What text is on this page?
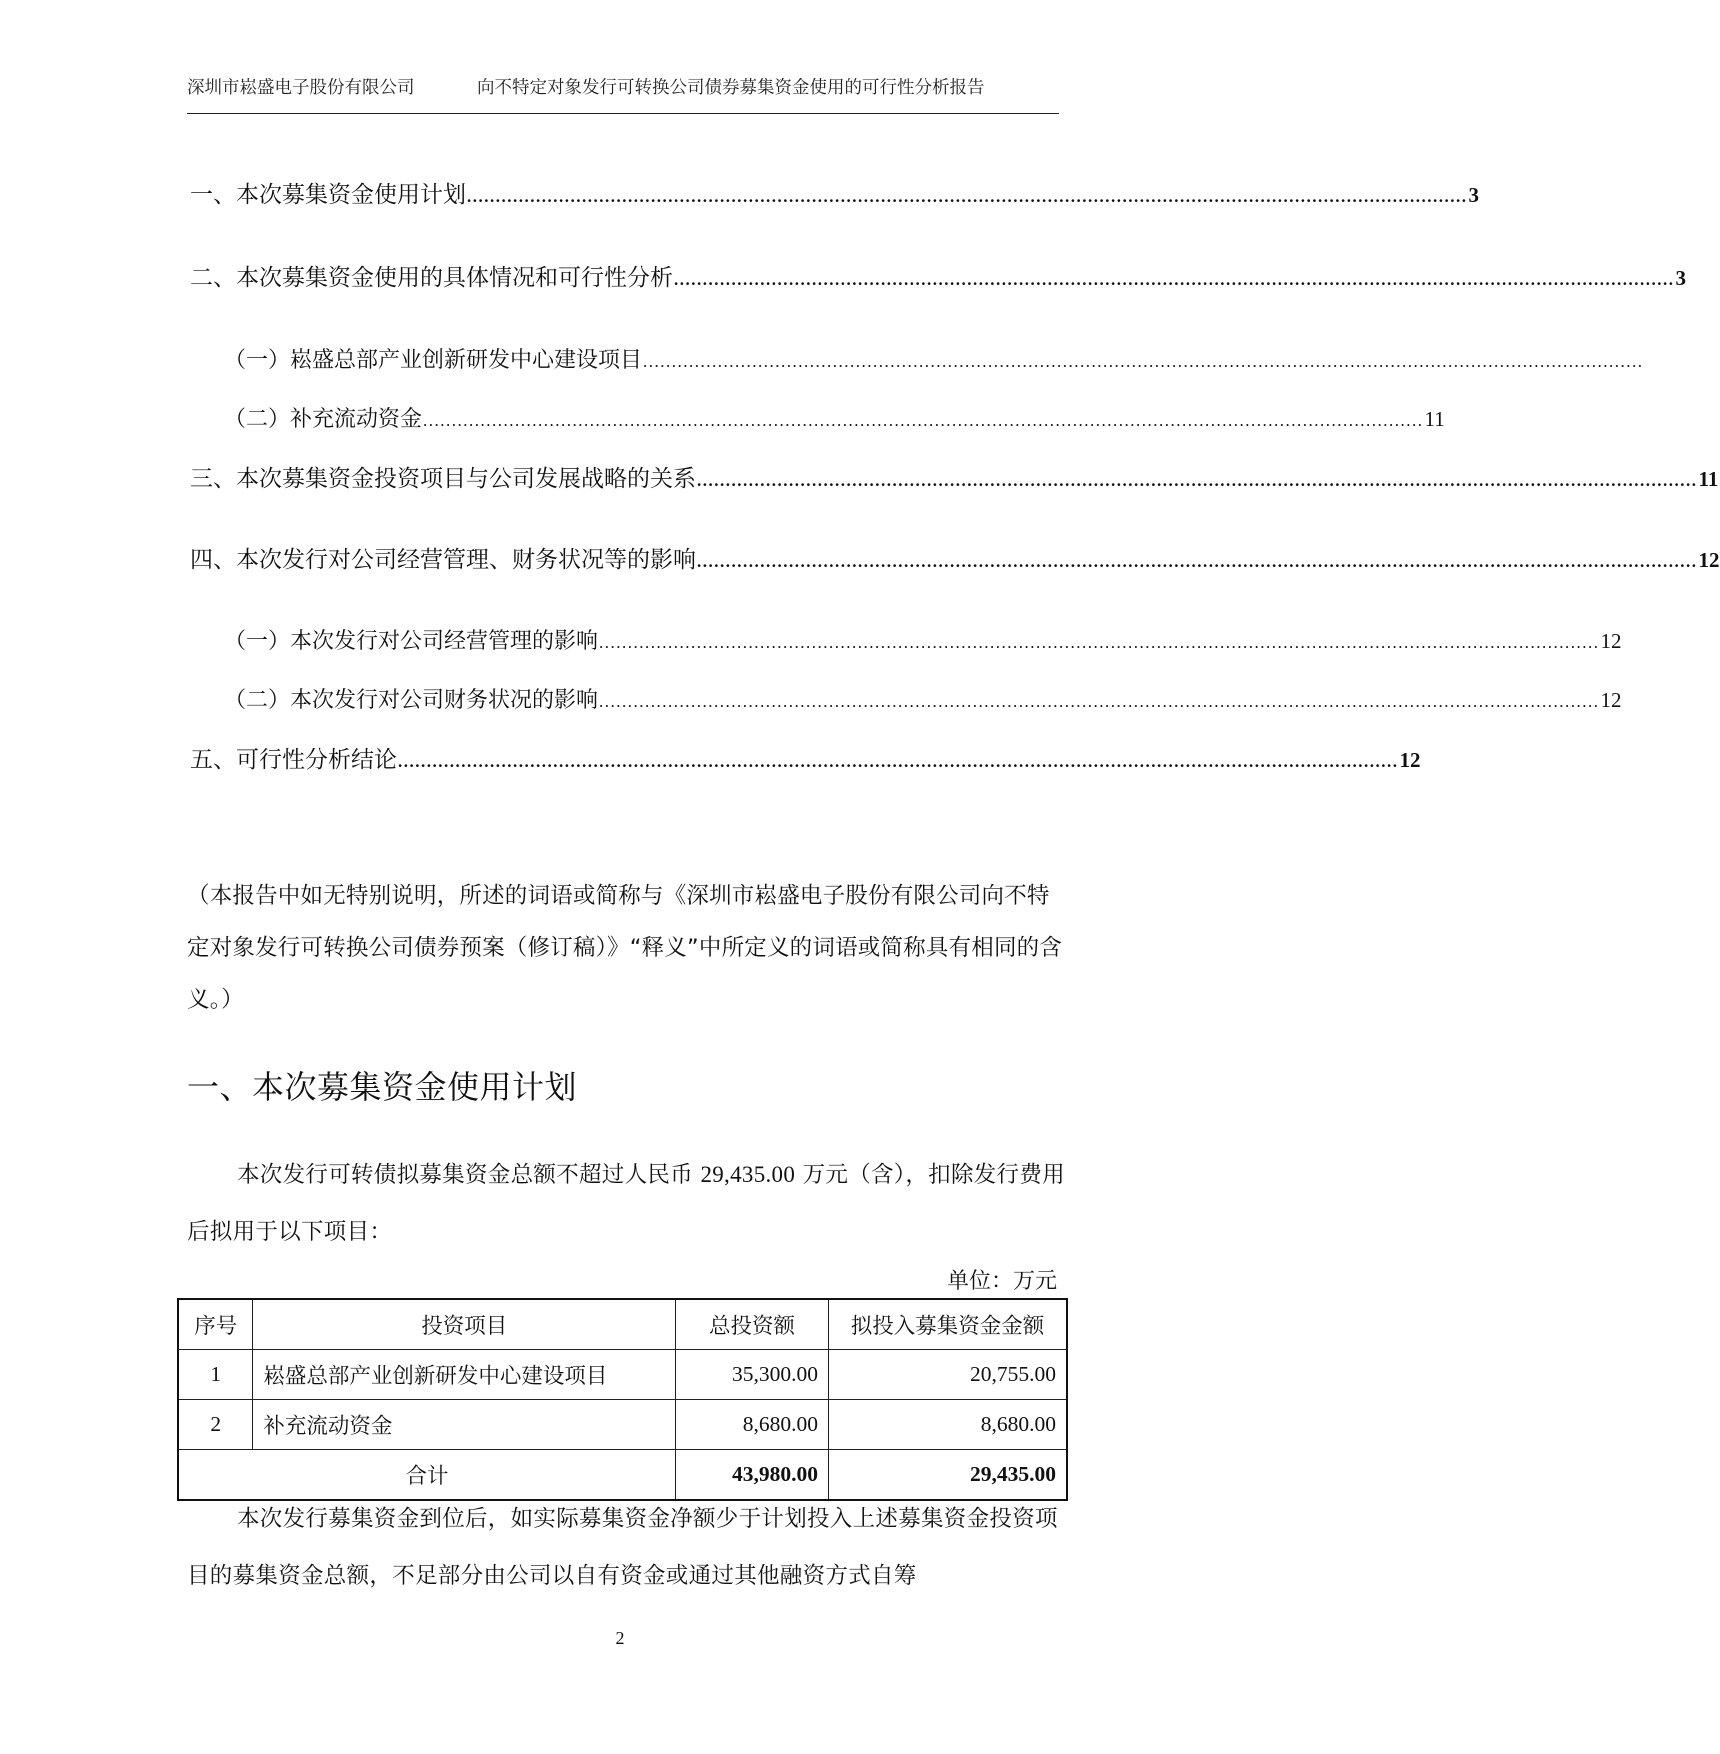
深圳市崧盛电子股份有限公司	向不特定对象发行可转换公司债券募集资金使用的可行性分析报告
一、本次募集资金使用计划 .............................................................................................................................................................................. 3
二、本次募集资金使用的具体情况和可行性分析 .............................................................................................................................................................................. 3
（一）崧盛总部产业创新研发中心建设项目 ..............................................................................................................................................................................
（二）补充流动资金 .............................................................................................................................................................................. 11
三、本次募集资金投资项目与公司发展战略的关系 .............................................................................................................................................................................. 11
四、本次发行对公司经营管理、财务状况等的影响 .............................................................................................................................................................................. 12
（一）本次发行对公司经营管理的影响 .............................................................................................................................................................................. 12
（二）本次发行对公司财务状况的影响 .............................................................................................................................................................................. 12
五、可行性分析结论 .............................................................................................................................................................................. 12
（本报告中如无特别说明，所述的词语或简称与《深圳市崧盛电子股份有限公司向不特定对象发行可转换公司债券预案（修订稿）》“释义”中所定义的词语或简称具有相同的含义。）
一、本次募集资金使用计划

本次发行可转债拟募集资金总额不超过人民币 29,435.00 万元（含），扣除发行费用后拟用于以下项目：

单位：万元
序号	投资项目	总投资额	拟投入募集资金金额
1	崧盛总部产业创新研发中心建设项目	35,300.00	20,755.00
2	补充流动资金	8,680.00	8,680.00
合计		43,980.00	29,435.00

本次发行募集资金到位后，如实际募集资金净额少于计划投入上述募集资金投资项目的募集资金总额，不足部分由公司以自有资金或通过其他融资方式自筹

2
